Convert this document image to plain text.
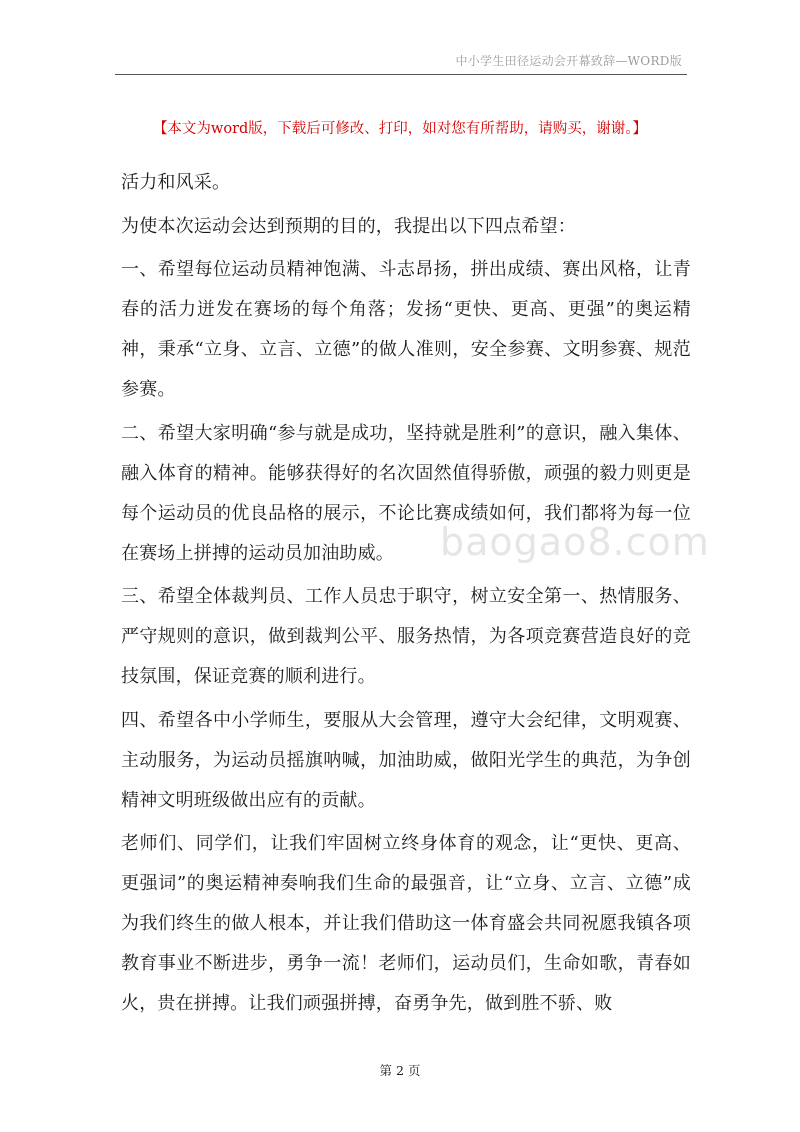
中小学生田径运动会开幕致辞—WORD版
【本文为word版，下载后可修改、打印，如对您有所帮助，请购买，谢谢。】

活力和风采。

为使本次运动会达到预期的目的，我提出以下四点希望：

一、希望每位运动员精神饱满、斗志昂扬，拼出成绩、赛出风格，让青春的活力迸发在赛场的每个角落；发扬“更快、更高、更强”的奥运精神，秉承“立身、立言、立德”的做人准则，安全参赛、文明参赛、规范参赛。

二、希望大家明确“参与就是成功，坚持就是胜利”的意识，融入集体、融入体育的精神。能够获得好的名次固然值得骄傲，顽强的毅力则更是每个运动员的优良品格的展示，不论比赛成绩如何，我们都将为每一位在赛场上拼搏的运动员加油助威。

三、希望全体裁判员、工作人员忠于职守，树立安全第一、热情服务、严守规则的意识，做到裁判公平、服务热情，为各项竞赛营造良好的竞技氛围，保证竞赛的顺利进行。

四、希望各中小学师生，要服从大会管理，遵守大会纪律，文明观赛、主动服务，为运动员摇旗呐喊，加油助威，做阳光学生的典范，为争创精神文明班级做出应有的贡献。

老师们、同学们，让我们牢固树立终身体育的观念，让“更快、更高、更强词”的奥运精神奏响我们生命的最强音，让“立身、立言、立德”成为我们终生的做人根本，并让我们借助这一体育盛会共同祝愿我镇各项教育事业不断进步，勇争一流！老师们，运动员们，生命如歌，青春如火，贵在拼搏。让我们顽强拼搏，奋勇争先，做到胜不骄、败

baogao8.com
第 2 页
